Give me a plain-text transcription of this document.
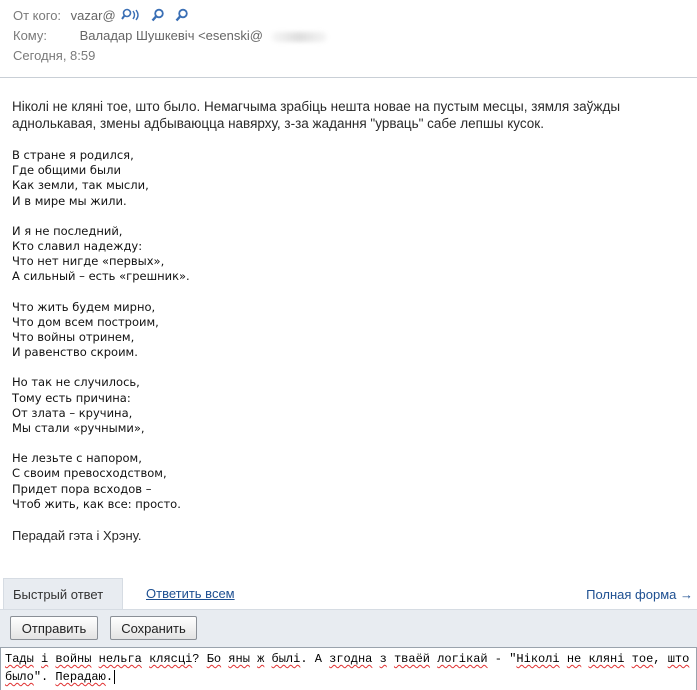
От кого: vazar@
Кому:	Валадар Шушкевіч <esenski@
Сегодня, 8:59
Ніколі не кляні тое, што было. Немагчыма зрабіць нешта новае на пустым месцы, зямля заўжды аднолькавая, змены адбываюцца навярху, з-за жадання "урваць" сабе лепшы кусок.
В стране я родился,
Где общими были
Как земли, так мысли,
И в мире мы жили.
И я не последний,
Кто славил надежду:
Что нет нигде «первых»,
А сильный – есть «грешник».
Что жить будем мирно,
Что дом всем построим,
Что войны отринем,
И равенство скроим.
Но так не случилось,
Тому есть причина:
От злата – кручина,
Мы стали «ручными»,
Не лезьте с напором,
С своим превосходством,
Придет пора всходов –
Чтоб жить, как все: просто.
Перадай гэта і Хрэну.
Быстрый ответ	Ответить всем	Полная форма →
Отправить	Сохранить
Тады і войны нельга клясці? Бо яны ж былі. А згодна з тваёй логікай - "Ніколі не кляні тое, што было". Перадаю.
